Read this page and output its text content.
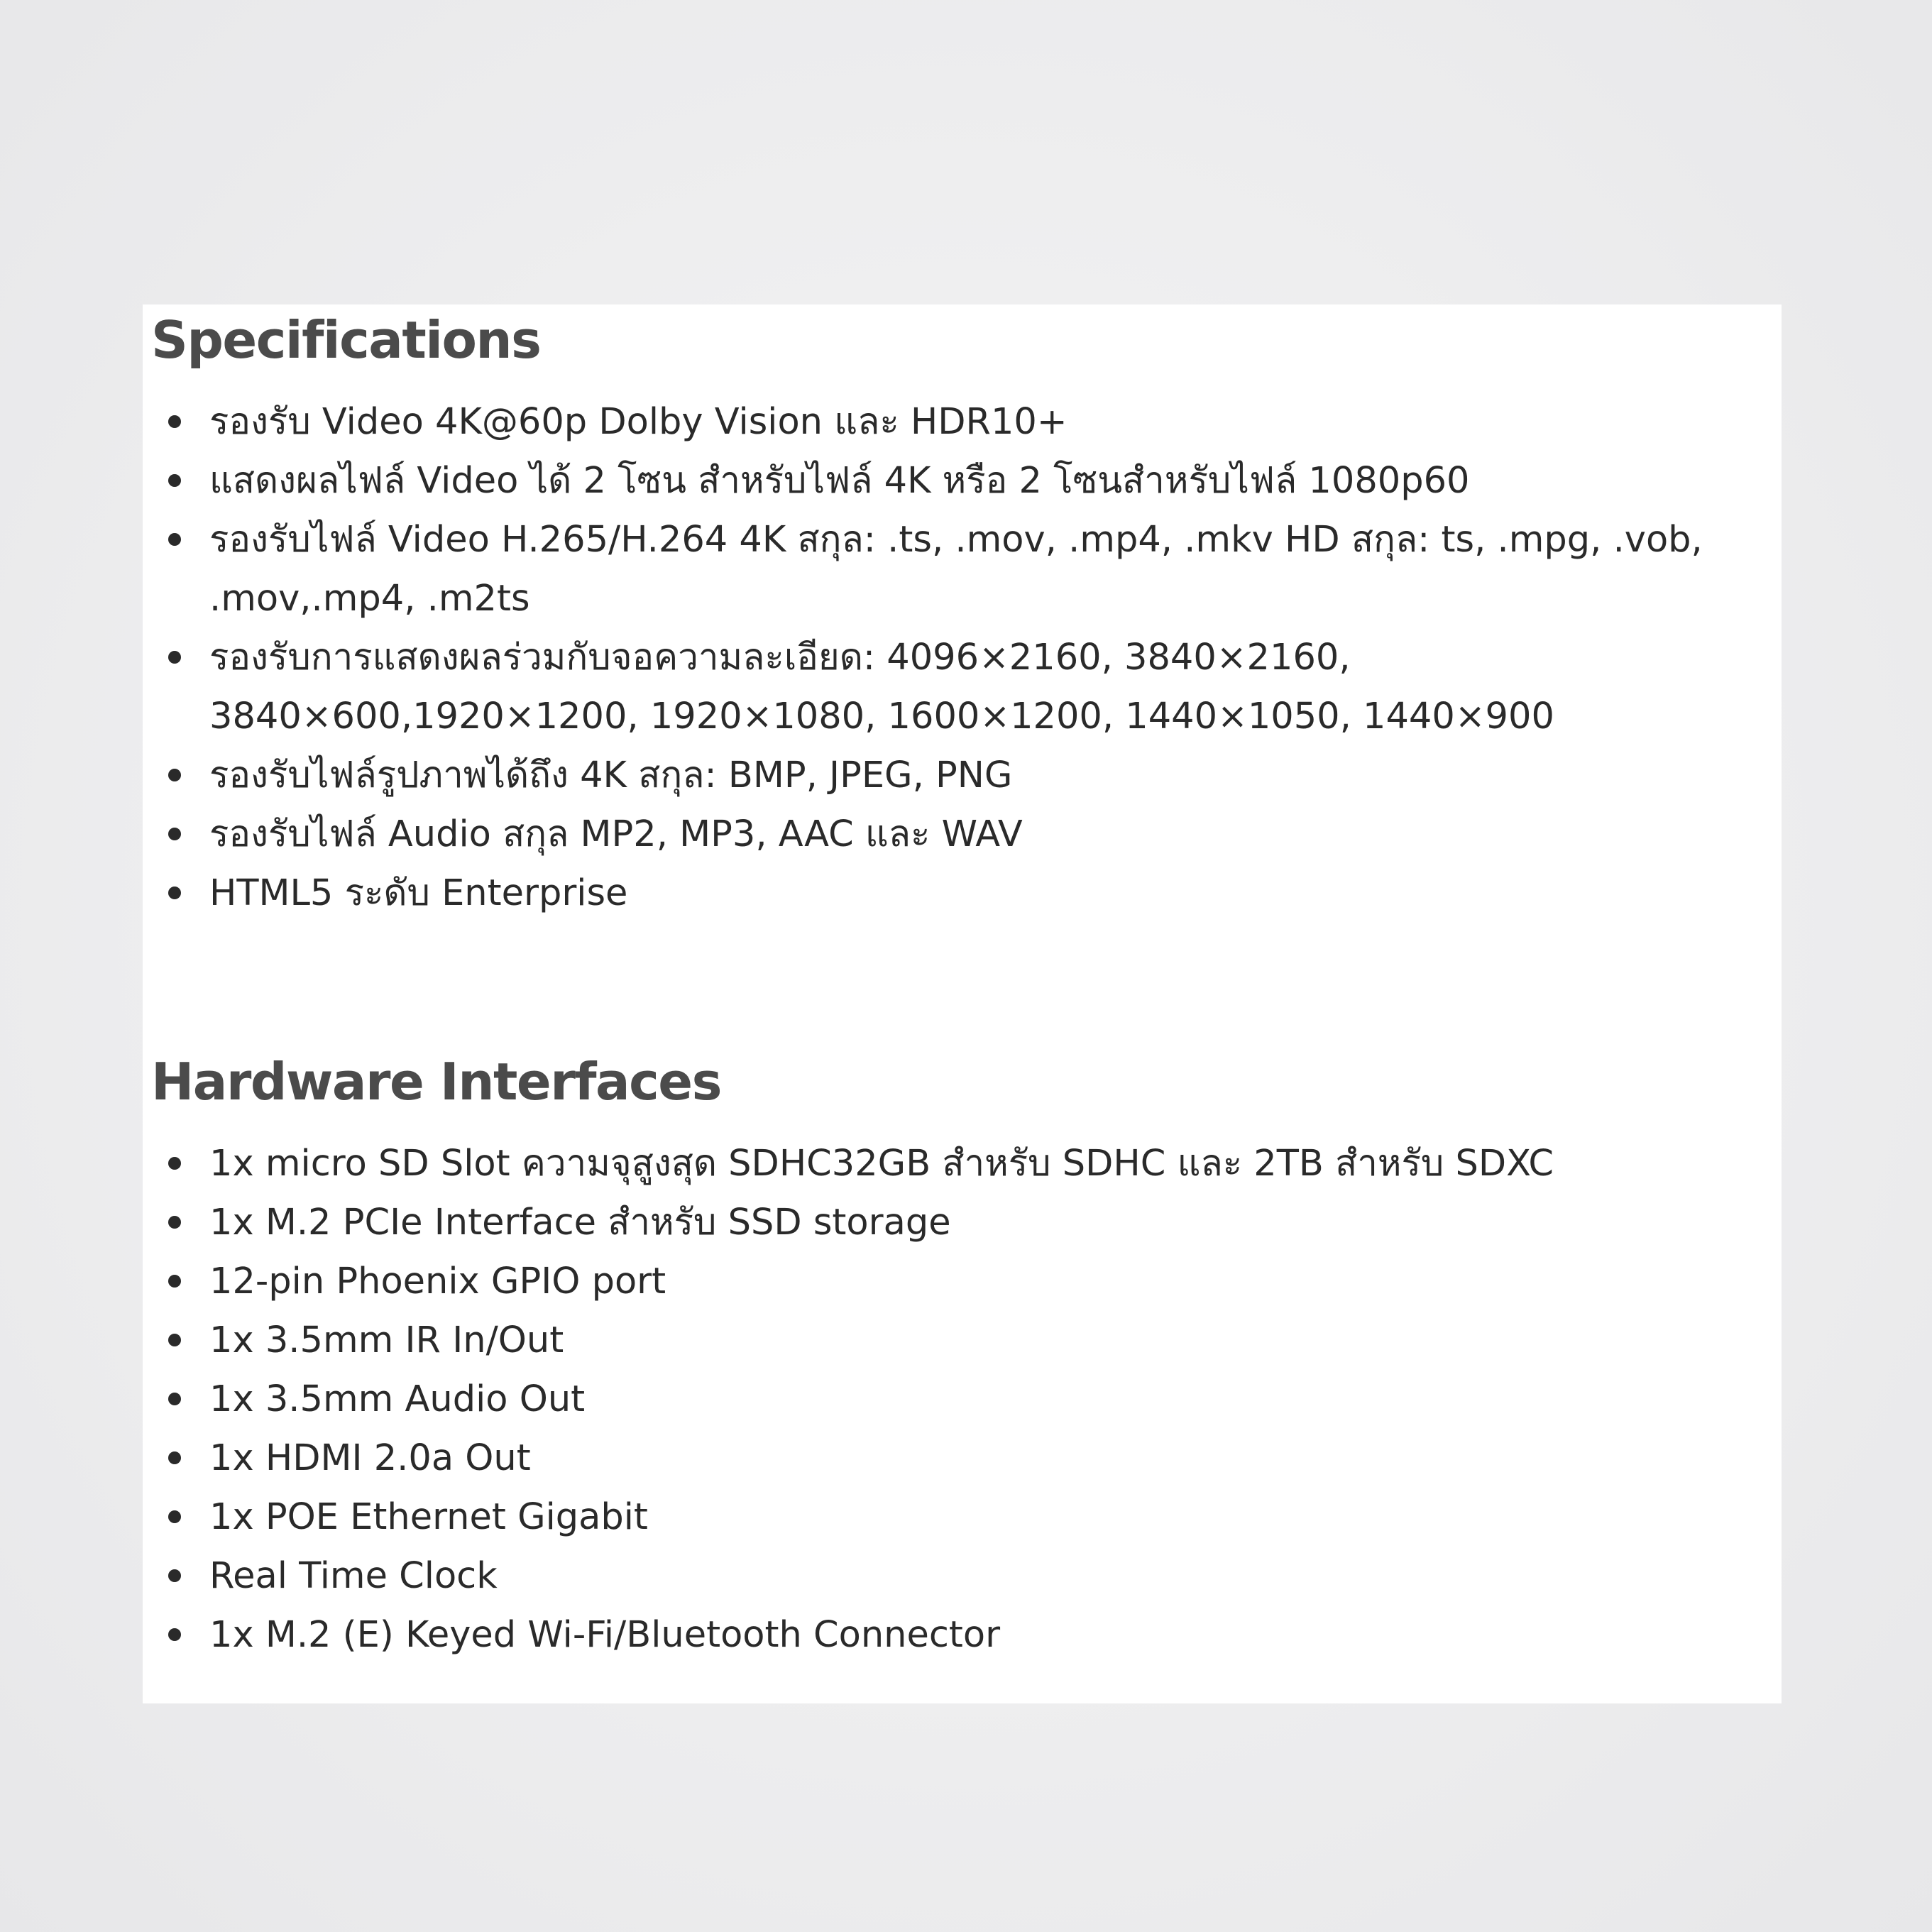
Specifications
รองรับ Video 4K@60p Dolby Vision และ HDR10+
แสดงผลไฟล์ Video ได้ 2 โซน สำหรับไฟล์ 4K หรือ 2 โซนสำหรับไฟล์ 1080p60
รองรับไฟล์ Video H.265/H.264 4K สกุล: .ts, .mov, .mp4, .mkv HD สกุล: ts, .mpg, .vob, .mov,.mp4, .m2ts
รองรับการแสดงผลร่วมกับจอความละเอียด: 4096×2160, 3840×2160, 3840×600,1920×1200, 1920×1080, 1600×1200, 1440×1050, 1440×900
รองรับไฟล์รูปภาพได้ถึง 4K สกุล: BMP, JPEG, PNG
รองรับไฟล์ Audio สกุล MP2, MP3, AAC และ WAV
HTML5 ระดับ Enterprise
Hardware Interfaces
1x micro SD Slot ความจุสูงสุด SDHC32GB สำหรับ SDHC และ 2TB สำหรับ SDXC
1x M.2 PCIe Interface สำหรับ SSD storage
12-pin Phoenix GPIO port
1x 3.5mm IR In/Out
1x 3.5mm Audio Out
1x HDMI 2.0a Out
1x POE Ethernet Gigabit
Real Time Clock
1x M.2 (E) Keyed Wi-Fi/Bluetooth Connector
